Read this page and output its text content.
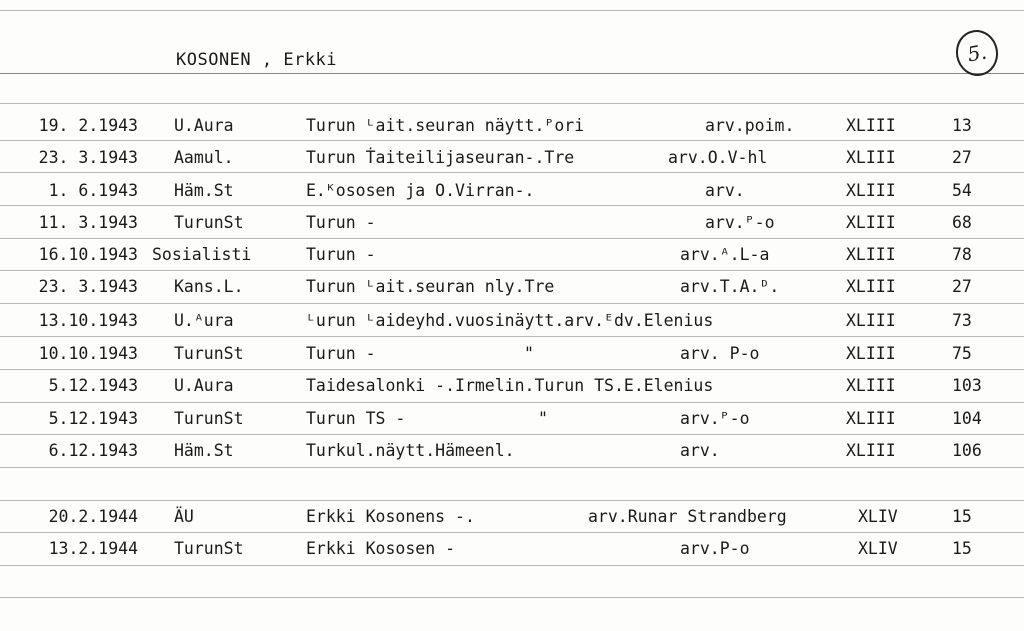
KOSONEN , Erkki	5.
19. 2.1943 U.Aura	Turun ᴸait.seuran näytt.ᴾori	arv.poim.	XLIII	13
23. 3.1943 Aamul.	Turun Ṫaiteilijaseuran-.Tre	arv.O.V-hl	XLIII	27
1. 6.1943 Häm.St	E.ᴷososen ja O.Virran-.	arv.	XLIII	54
11. 3.1943 TurunSt	Turun -	arv.ᴾ-o	XLIII	68
16.10.1943 Sosialisti	Turun -	arv.ᴬ.L-a	XLIII	78
23. 3.1943 Kans.L.	Turun ᴸait.seuran nly.Tre	arv.T.A.ᴰ.	XLIII	27
13.10.1943 U.ᴬura	ᴸurun ᴸaideyhd.vuosinäytt.arv.ᴱdv.Elenius	XLIII	73
10.10.1943 TurunSt	Turun -	"	arv. P-o	XLIII	75
5.12.1943 U.Aura	Taidesalonki -.Irmelin.Turun TS.E.Elenius	XLIII	103
5.12.1943 TurunSt	Turun TS -	"	arv.ᴾ-o	XLIII	104
6.12.1943 Häm.St	Turkul.näytt.Hämeenl.	arv.	XLIII	106
20.2.1944 ÄU	Erkki Kosonens -.	arv.Runar Strandberg	XLIV	15
13.2.1944 TurunSt	Erkki Kososen -	arv.P-o	XLIV	15
